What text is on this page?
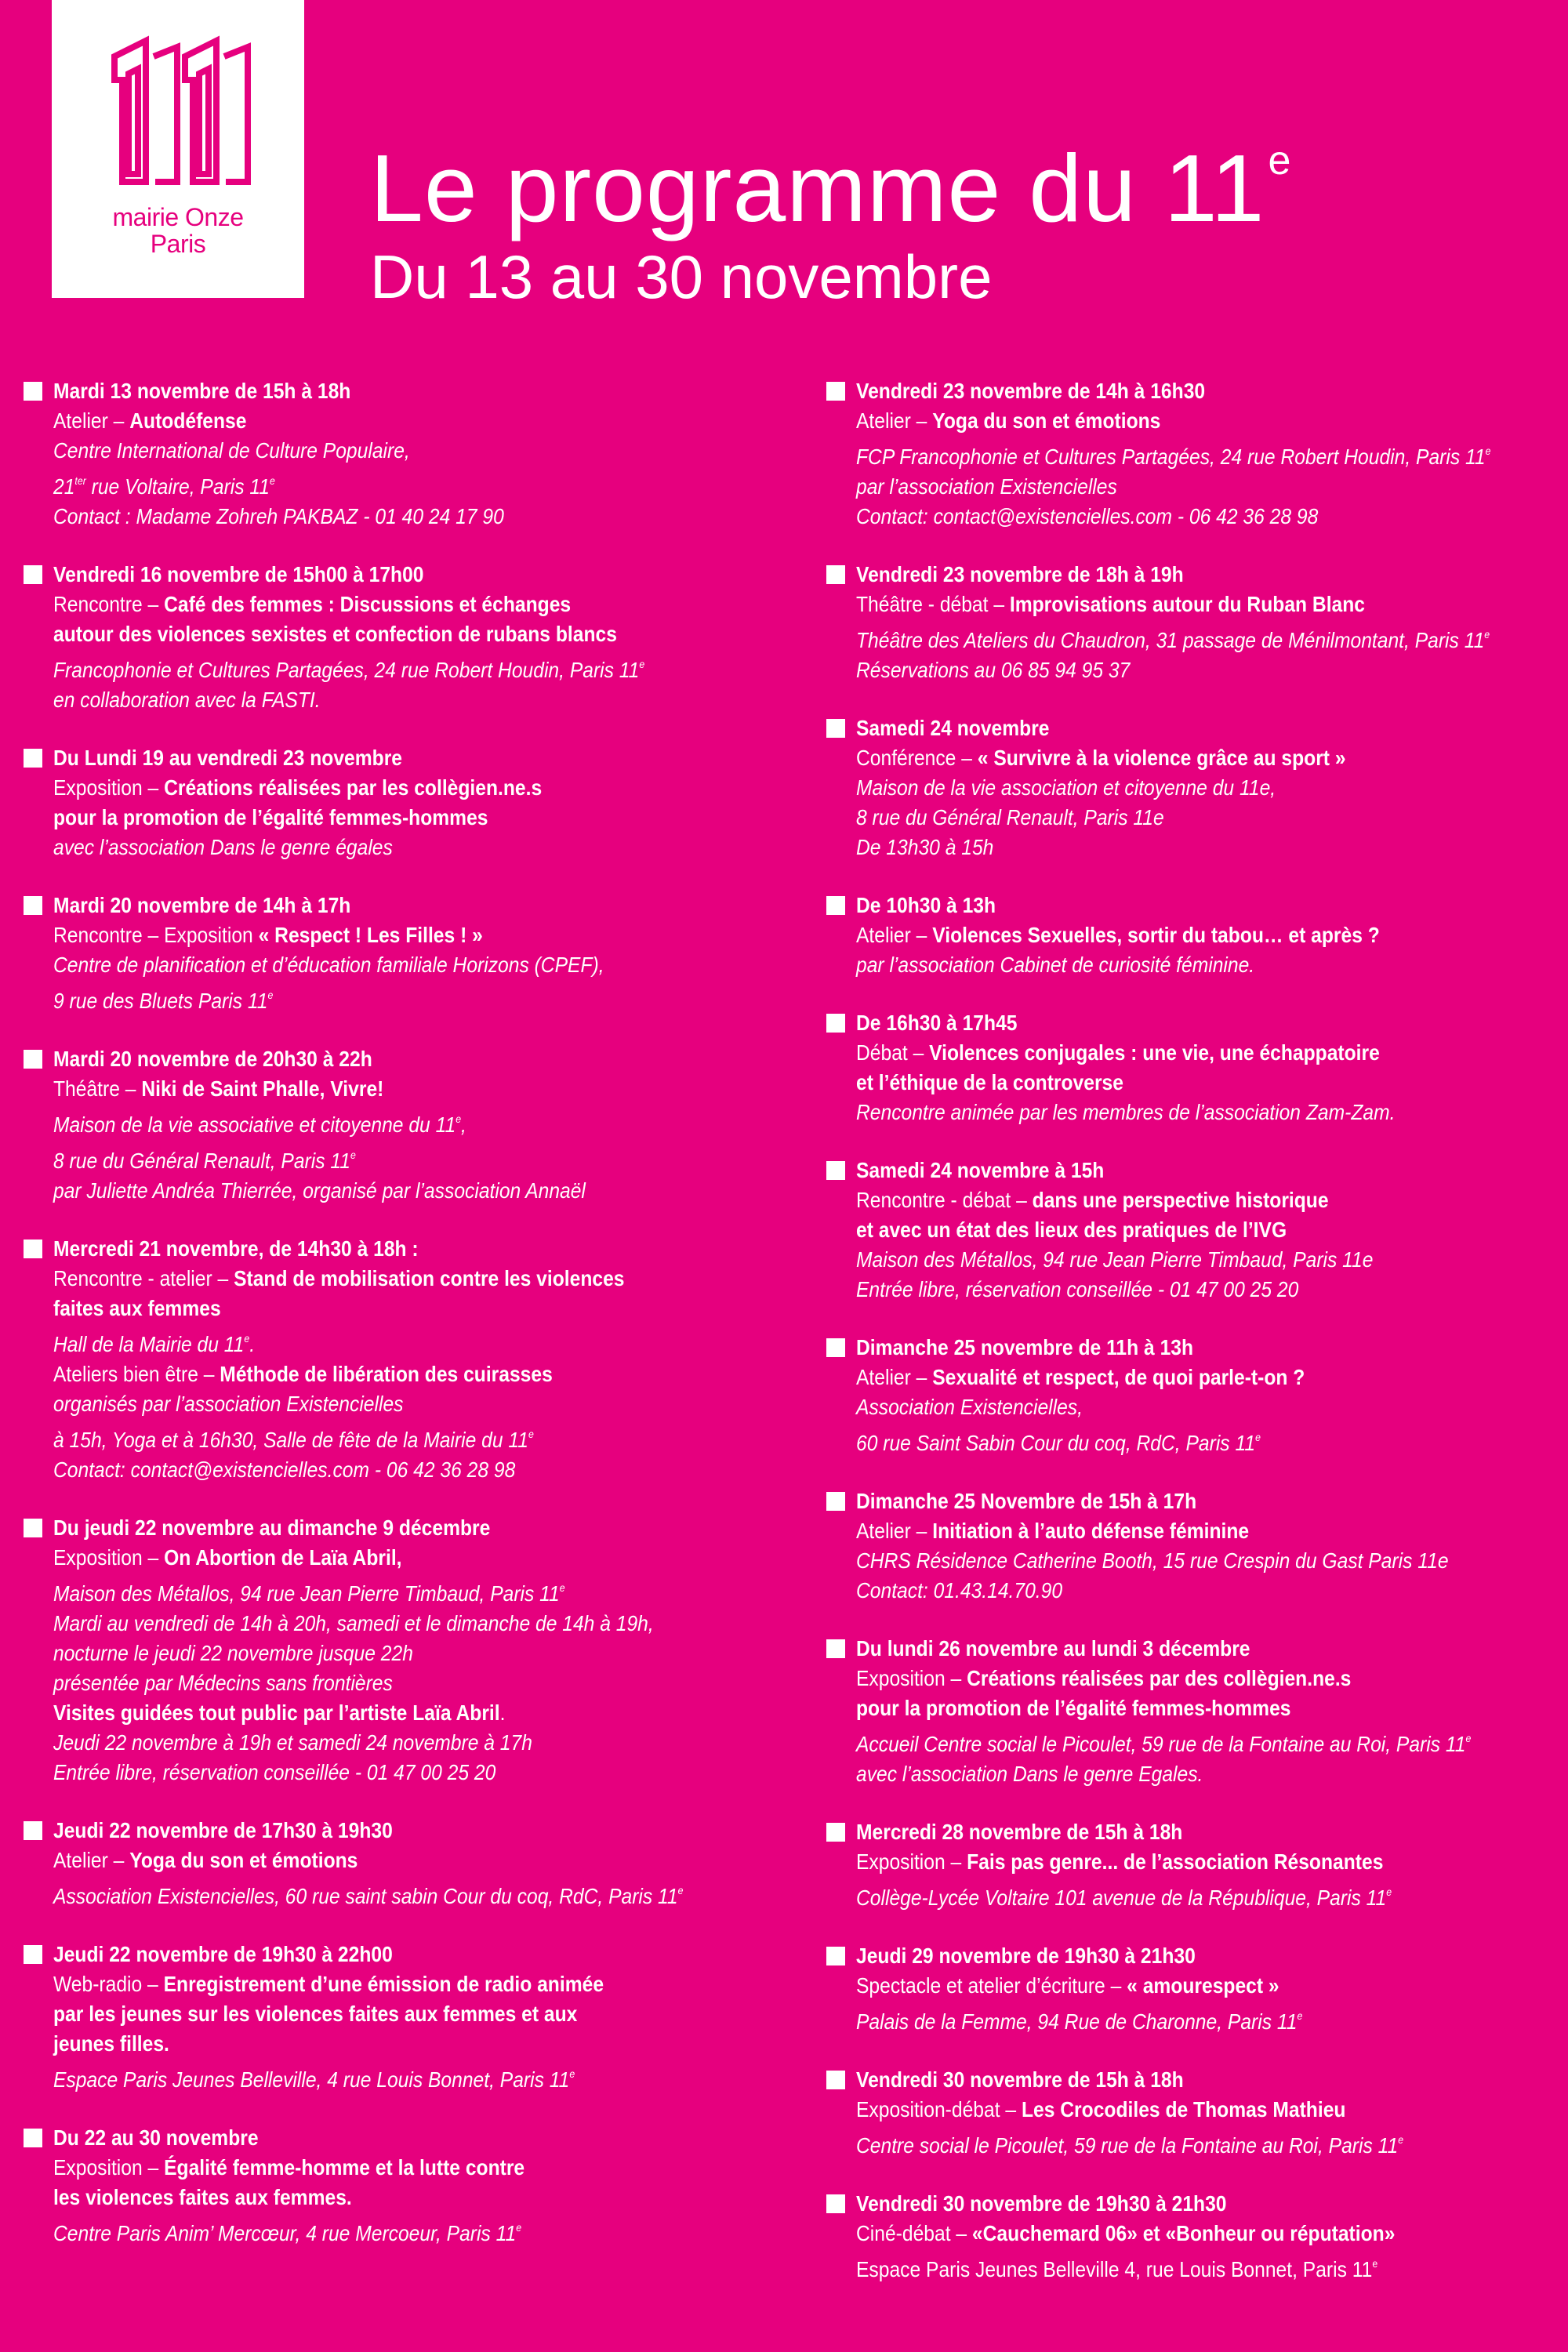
mairie Onze
Paris
Le programme du 11e
Du 13 au 30 novembre
Mardi 13 novembre de 15h à 18h
Atelier – Autodéfense
Centre International de Culture Populaire,
$21^{ter}$ rue Voltaire, Paris 11e
Contact : Madame Zohreh PAKBAZ - 01 40 24 17 90
Vendredi 16 novembre de 15h00 à 17h00
Rencontre – Café des femmes : Discussions et échanges
autour des violences sexistes et confection de rubans blancs
Francophonie et Cultures Partagées, 24 rue Robert Houdin, Paris 11e
en collaboration avec la FASTI.
Du Lundi 19 au vendredi 23 novembre
Exposition – Créations réalisées par les collègien.ne.s
pour la promotion de l’égalité femmes-hommes
avec l’association Dans le genre égales
Mardi 20 novembre de 14h à 17h
Rencontre – Exposition « Respect ! Les Filles ! »
Centre de planification et d’éducation familiale Horizons (CPEF),
9 rue des Bluets Paris 11e
Mardi 20 novembre de 20h30 à 22h
Théâtre – Niki de Saint Phalle, Vivre!
Maison de la vie associative et citoyenne du 11e,
8 rue du Général Renault, Paris 11e
par Juliette Andréa Thierrée, organisé par l’association Annaël
Mercredi 21 novembre, de 14h30 à 18h :
Rencontre - atelier – Stand de mobilisation contre les violences
faites aux femmes
Hall de la Mairie du 11e.
Ateliers bien être – Méthode de libération des cuirasses
organisés par l’association Existencielles
à 15h, Yoga et à 16h30, Salle de fête de la Mairie du 11e
Contact: contact@existencielles.com - 06 42 36 28 98
Du jeudi 22 novembre au dimanche 9 décembre
Exposition – On Abortion de Laïa Abril,
Maison des Métallos, 94 rue Jean Pierre Timbaud, Paris 11e
Mardi au vendredi de 14h à 20h, samedi et le dimanche de 14h à 19h,
nocturne le jeudi 22 novembre jusque 22h
présentée par Médecins sans frontières
Visites guidées tout public par l’artiste Laïa Abril.
Jeudi 22 novembre à 19h et samedi 24 novembre à 17h
Entrée libre, réservation conseillée - 01 47 00 25 20
Jeudi 22 novembre de 17h30 à 19h30
Atelier – Yoga du son et émotions
Association Existencielles, 60 rue saint sabin Cour du coq, RdC, Paris 11e
Jeudi 22 novembre de 19h30 à 22h00
Web-radio – Enregistrement d’une émission de radio animée
par les jeunes sur les violences faites aux femmes et aux
jeunes filles.
Espace Paris Jeunes Belleville, 4 rue Louis Bonnet, Paris 11e
Du 22 au 30 novembre
Exposition – Égalité femme-homme et la lutte contre
les violences faites aux femmes.
Centre Paris Anim’ Mercœur, 4 rue Mercoeur, Paris 11e
Vendredi 23 novembre de 14h à 16h30
Atelier – Yoga du son et émotions
FCP Francophonie et Cultures Partagées, 24 rue Robert Houdin, Paris 11e
par l’association Existencielles
Contact: contact@existencielles.com - 06 42 36 28 98
Vendredi 23 novembre de 18h à 19h
Théâtre - débat – Improvisations autour du Ruban Blanc
Théâtre des Ateliers du Chaudron, 31 passage de Ménilmontant, Paris 11e
Réservations au 06 85 94 95 37
Samedi 24 novembre
Conférence – « Survivre à la violence grâce au sport »
Maison de la vie association et citoyenne du 11e,
8 rue du Général Renault, Paris 11e
De 13h30 à 15h
De 10h30 à 13h
Atelier – Violences Sexuelles, sortir du tabou… et après ?
par l’association Cabinet de curiosité féminine.
De 16h30 à 17h45
Débat – Violences conjugales : une vie, une échappatoire
et l’éthique de la controverse
Rencontre animée par les membres de l’association Zam-Zam.
Samedi 24 novembre à 15h
Rencontre - débat – dans une perspective historique
et avec un état des lieux des pratiques de l’IVG
Maison des Métallos, 94 rue Jean Pierre Timbaud, Paris 11e
Entrée libre, réservation conseillée - 01 47 00 25 20
Dimanche 25 novembre de 11h à 13h
Atelier – Sexualité et respect, de quoi parle-t-on ?
Association Existencielles,
60 rue Saint Sabin Cour du coq, RdC, Paris 11e
Dimanche 25 Novembre de 15h à 17h
Atelier – Initiation à l’auto défense féminine
CHRS Résidence Catherine Booth, 15 rue Crespin du Gast Paris 11e
Contact: 01.43.14.70.90
Du lundi 26 novembre au lundi 3 décembre
Exposition – Créations réalisées par des collègien.ne.s
pour la promotion de l’égalité femmes-hommes
Accueil Centre social le Picoulet, 59 rue de la Fontaine au Roi, Paris 11e
avec l’association Dans le genre Egales.
Mercredi 28 novembre de 15h à 18h
Exposition – Fais pas genre... de l’association Résonantes
Collège-Lycée Voltaire 101 avenue de la République, Paris 11e
Jeudi 29 novembre de 19h30 à 21h30
Spectacle et atelier d’écriture – « amourespect »
Palais de la Femme, 94 Rue de Charonne, Paris 11e
Vendredi 30 novembre de 15h à 18h
Exposition-débat – Les Crocodiles de Thomas Mathieu
Centre social le Picoulet, 59 rue de la Fontaine au Roi, Paris 11e
Vendredi 30 novembre de 19h30 à 21h30
Ciné-débat – «Cauchemard 06» et «Bonheur ou réputation»
Espace Paris Jeunes Belleville 4, rue Louis Bonnet, Paris 11e
